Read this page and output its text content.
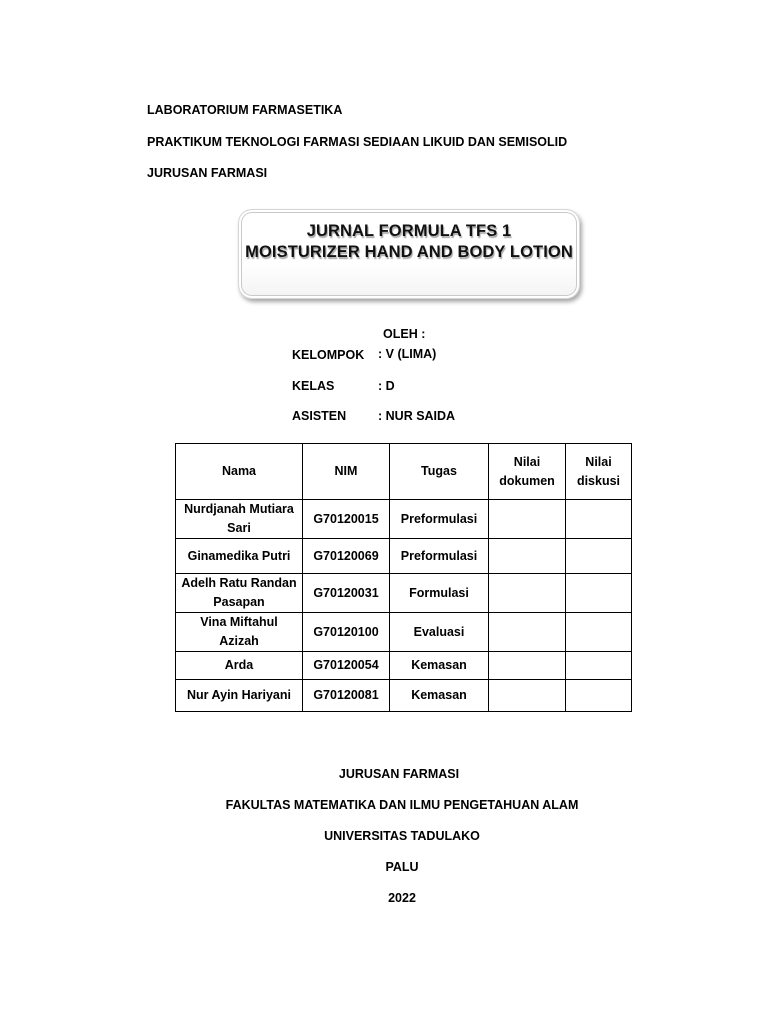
LABORATORIUM FARMASETIKA
PRAKTIKUM TEKNOLOGI FARMASI SEDIAAN LIKUID DAN SEMISOLID
JURUSAN FARMASI
JURNAL FORMULA TFS 1
MOISTURIZER HAND AND BODY LOTION
OLEH :
KELOMPOK : V (LIMA)
KELAS	: D
ASISTEN	: NUR SAIDA
Nama	NIM	Tugas	Nilai dokumen	Nilai diskusi
Nurdjanah Mutiara Sari	G70120015	Preformulasi		
Ginamedika Putri	G70120069	Preformulasi		
Adelh Ratu Randan Pasapan	G70120031	Formulasi		
Vina Miftahul Azizah	G70120100	Evaluasi		
Arda	G70120054	Kemasan		
Nur Ayin Hariyani	G70120081	Kemasan		
JURUSAN FARMASI
FAKULTAS MATEMATIKA DAN ILMU PENGETAHUAN ALAM
UNIVERSITAS TADULAKO
PALU
2022
